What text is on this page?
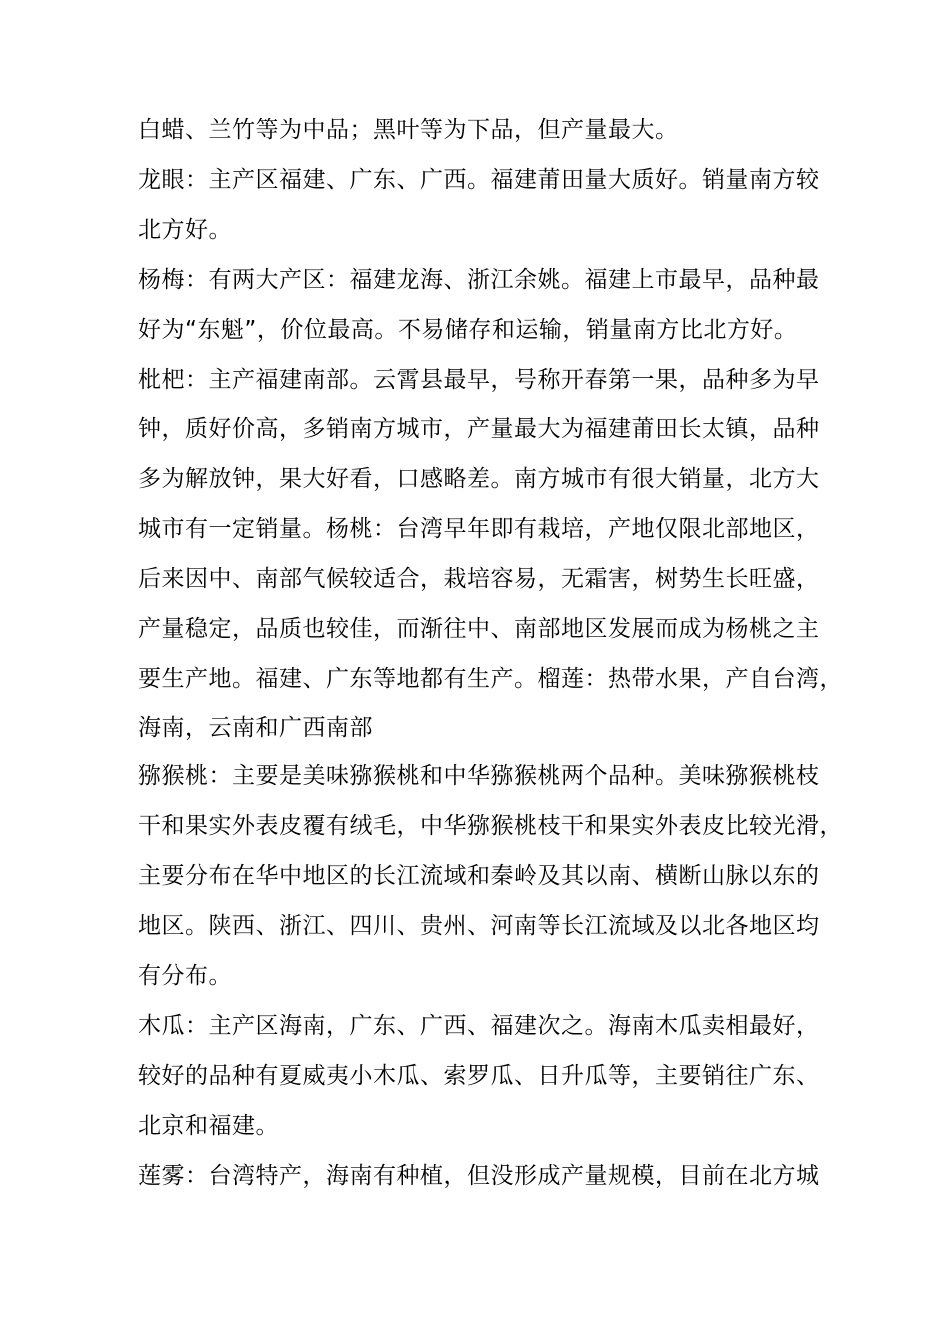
白蜡、兰竹等为中品；黑叶等为下品，但产量最大。
龙眼：主产区福建、广东、广西。福建莆田量大质好。销量南方较
北方好。
杨梅：有两大产区：福建龙海、浙江余姚。福建上市最早，品种最
好为“东魁”，价位最高。不易储存和运输，销量南方比北方好。
枇杷：主产福建南部。云霄县最早，号称开春第一果，品种多为早
钟，质好价高，多销南方城市，产量最大为福建莆田长太镇，品种
多为解放钟，果大好看，口感略差。南方城市有很大销量，北方大
城市有一定销量。杨桃：台湾早年即有栽培，产地仅限北部地区，
后来因中、南部气候较适合，栽培容易，无霜害，树势生长旺盛，
产量稳定，品质也较佳，而渐往中、南部地区发展而成为杨桃之主
要生产地。福建、广东等地都有生产。榴莲：热带水果，产自台湾，
海南，云南和广西南部
猕猴桃：主要是美味猕猴桃和中华猕猴桃两个品种。美味猕猴桃枝
干和果实外表皮覆有绒毛，中华猕猴桃枝干和果实外表皮比较光滑，
主要分布在华中地区的长江流域和秦岭及其以南、横断山脉以东的
地区。陕西、浙江、四川、贵州、河南等长江流域及以北各地区均
有分布。
木瓜：主产区海南，广东、广西、福建次之。海南木瓜卖相最好，
较好的品种有夏威夷小木瓜、索罗瓜、日升瓜等，主要销往广东、
北京和福建。
莲雾：台湾特产，海南有种植，但没形成产量规模，目前在北方城
